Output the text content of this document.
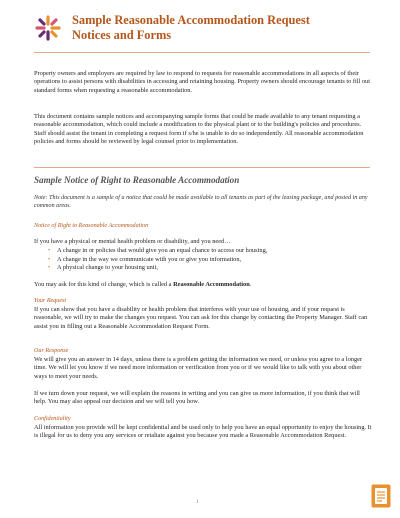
Sample Reasonable Accommodation Request
Notices and Forms

Property owners and employers are required by law to respond to requests for reasonable accommodations in all aspects of their operations to assist persons with disabilities in accessing and retaining housing. Property owners should encourage tenants to fill out standard forms when requesting a reasonable accommodation.

This document contains sample notices and accompanying sample forms that could be made available to any tenant requesting a reasonable accommodation, which could include a modification to the physical plant or to the building's policies and procedures. Staff should assist the tenant in completing a request form if s/he is unable to do so independently. All reasonable accommodation policies and forms should be reviewed by legal counsel prior to implementation.

Sample Notice of Right to Reasonable Accommodation

Note: This document is a sample of a notice that could be made available to all tenants as part of the leasing package, and posted in any common areas.

Notice of Right to Reasonable Accommodation

If you have a physical or mental health problem or disability, and you need…

• A change in or policies that would give you an equal chance to access our housing,
• A change in the way we communicate with you or give you information,
• A physical change to your housing unit,

You may ask for this kind of change, which is called a Reasonable Accommodation.

Your Request

If you can show that you have a disability or health problem that interferes with your use of housing, and if your request is reasonable, we will try to make the changes you request. You can ask for this change by contacting the Property Manager. Staff can assist you in filling out a Reasonable Accommodation Request Form.

Our Response

We will give you an answer in 14 days, unless there is a problem getting the information we need, or unless you agree to a longer time. We will let you know if we need more information or verification from you or if we would like to talk with you about other ways to meet your needs.

If we turn down your request, we will explain the reasons in writing and you can give us more information, if you think that will help. You may also appeal our decision and we will tell you how.

Confidentiality

All information you provide will be kept confidential and be used only to help you have an equal opportunity to enjoy the housing. It is illegal for us to deny you any services or retaliate against you because you made a Reasonable Accommodation Request.

1
